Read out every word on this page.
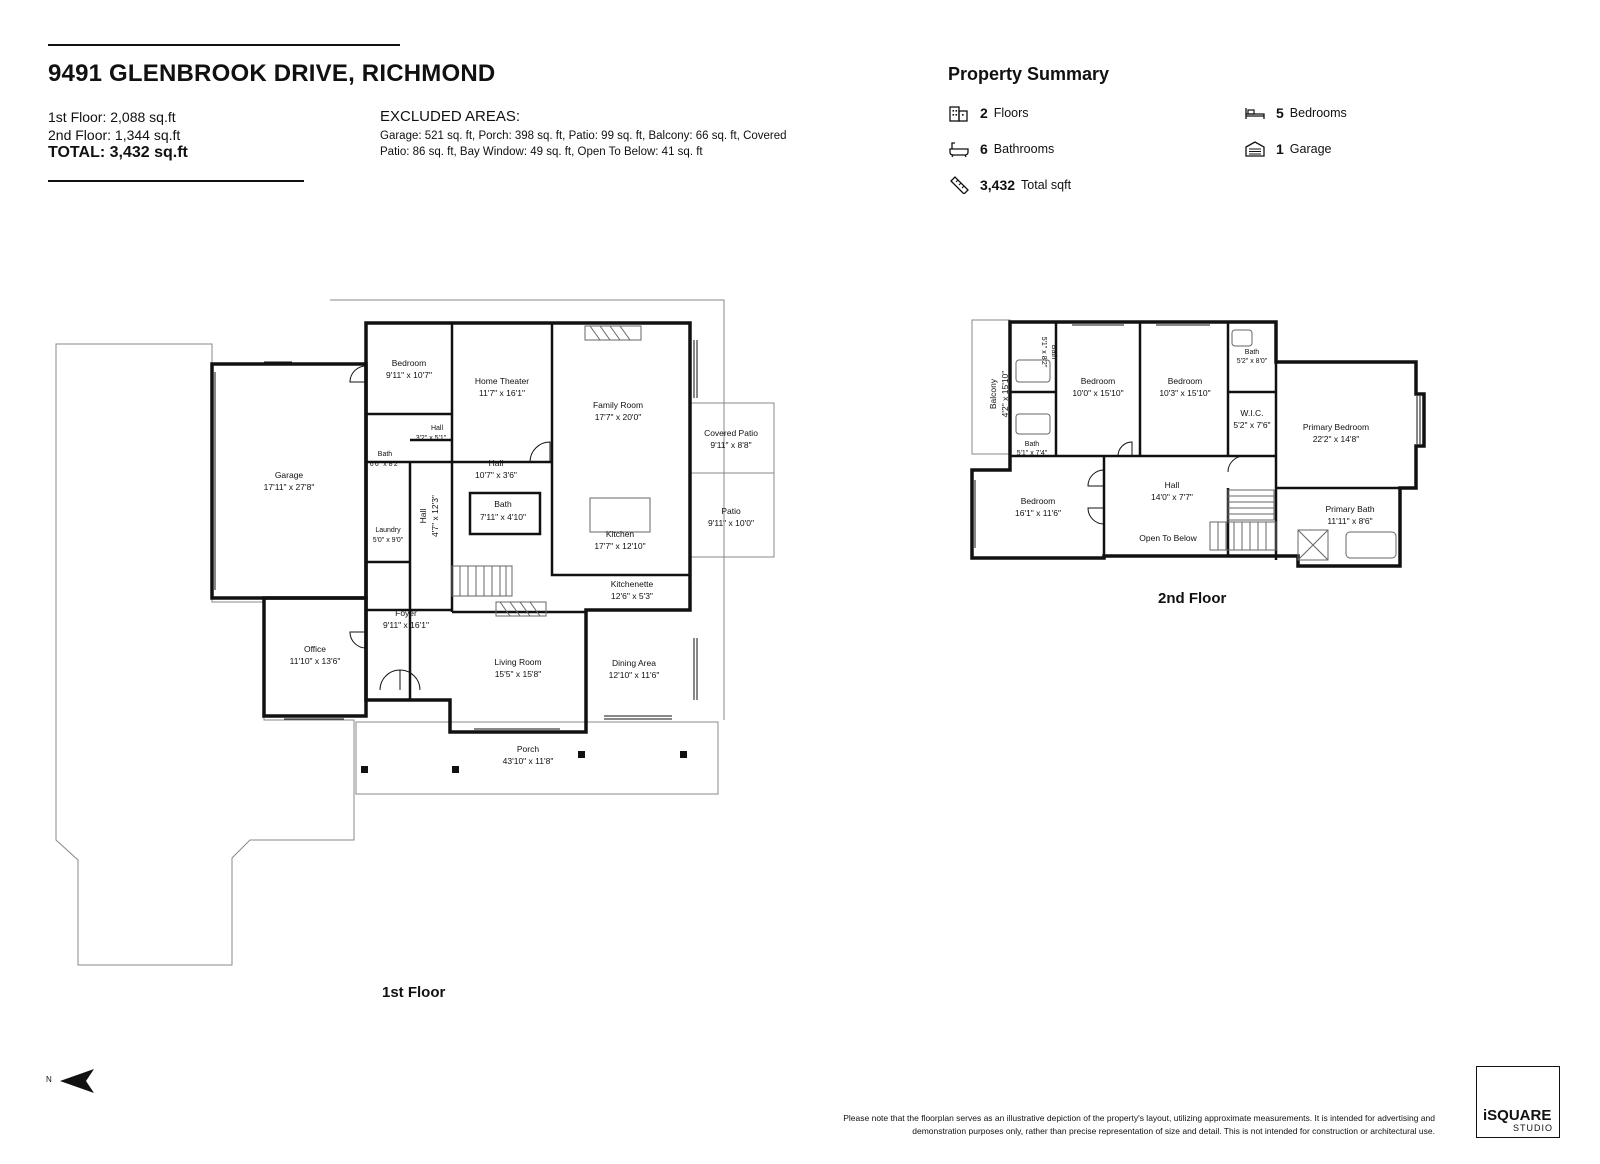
9491 GLENBROOK DRIVE, RICHMOND
1st Floor: 2,088 sq.ft
2nd Floor: 1,344 sq.ft
TOTAL: 3,432 sq.ft
EXCLUDED AREAS:
Garage: 521 sq. ft, Porch: 398 sq. ft, Patio: 99 sq. ft, Balcony: 66 sq. ft, Covered
Patio: 86 sq. ft, Bay Window: 49 sq. ft, Open To Below: 41 sq. ft
Property Summary
2 Floors	5 Bedrooms
6 Bathrooms	1 Garage
3,432 Total sqft
Bedroom
9'11" x 10'7"
Home Theater
11'7" x 16'1"
Family Room
17'7" x 20'0"
Covered Patio
9'11" x 8'8"
Patio
9'11" x 10'0"
Garage
17'11" x 27'8"
Hall
3'2" x 5'1"
Bath
6'6" x 8'2"	Hall
10'7" x 3'6"
Bath
7'11" x 4'10"
Hall 4'7" x 12'3"
Laundry
5'0" x 9'0"
Kitchen
17'7" x 12'10"
Kitchenette
12'6" x 5'3"
Foyer
9'11" x 16'1"
Office
11'10" x 13'6"	Living Room
15'5" x 15'8"
Dining Area
12'10" x 11'6"
Porch
43'10" x 11'8"
Balcony 4'2" x 15'10"
Bath
5'1" x 8'2"
Bedroom
10'0" x 15'10"
Bedroom
10'3" x 15'10"
Bath
5'2" x 8'0"
W.I.C.
5'2" x 7'6"	Primary Bedroom
22'2" x 14'8"
Bath
5'1" x 7'4"
Bedroom
16'1" x 11'6"
Hall
14'0" x 7'7"
Open To Below
Primary Bath
11'11" x 8'6"
1st Floor
2nd Floor
N
Please note that the floorplan serves as an illustrative depiction of the property's layout, utilizing approximate measurements. It is intended for advertising and
demonstration purposes only, rather than precise representation of size and detail. This is not intended for construction or architectural use.
iSQUARE
STUDIO
